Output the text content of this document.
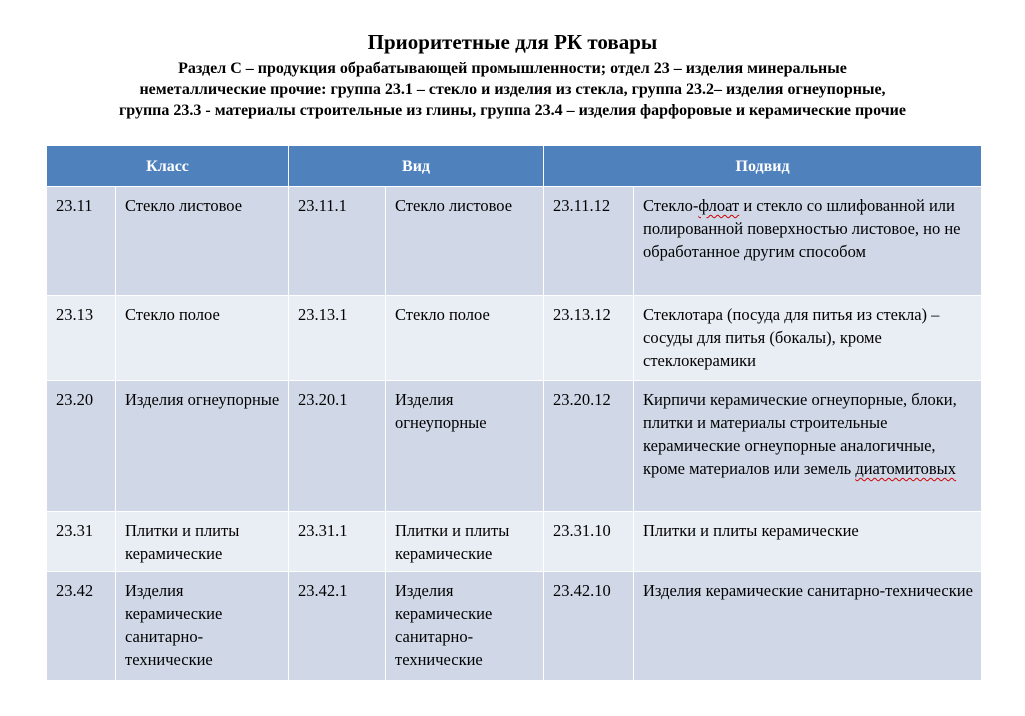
Приоритетные для РК товары
Раздел С – продукция обрабатывающей промышленности; отдел 23 – изделия минеральные
неметаллические прочие: группа 23.1 – стекло и изделия из стекла, группа 23.2– изделия огнеупорные,
группа 23.3 - материалы строительные из глины, группа 23.4 – изделия фарфоровые и керамические прочие
Класс		Вид		Подвид	
23.11	Стекло листовое	23.11.1	Стекло листовое	23.11.12	Стекло-флоат и стекло со шлифованной или полированной поверхностью листовое, но не обработанное другим способом
23.13	Стекло полое	23.13.1	Стекло полое	23.13.12	Стеклотара (посуда для питья из стекла) – сосуды для питья (бокалы), кроме стеклокерамики
23.20	Изделия огнеупорные	23.20.1	Изделия огнеупорные	23.20.12	Кирпичи керамические огнеупорные, блоки, плитки и материалы строительные керамические огнеупорные аналогичные, кроме материалов или земель диатомитовых
23.31	Плитки и плиты керамические	23.31.1	Плитки и плиты керамические	23.31.10	Плитки и плиты керамические
23.42	Изделия керамические санитарно-технические	23.42.1	Изделия керамические санитарно-технические	23.42.10	Изделия керамические санитарно-технические
